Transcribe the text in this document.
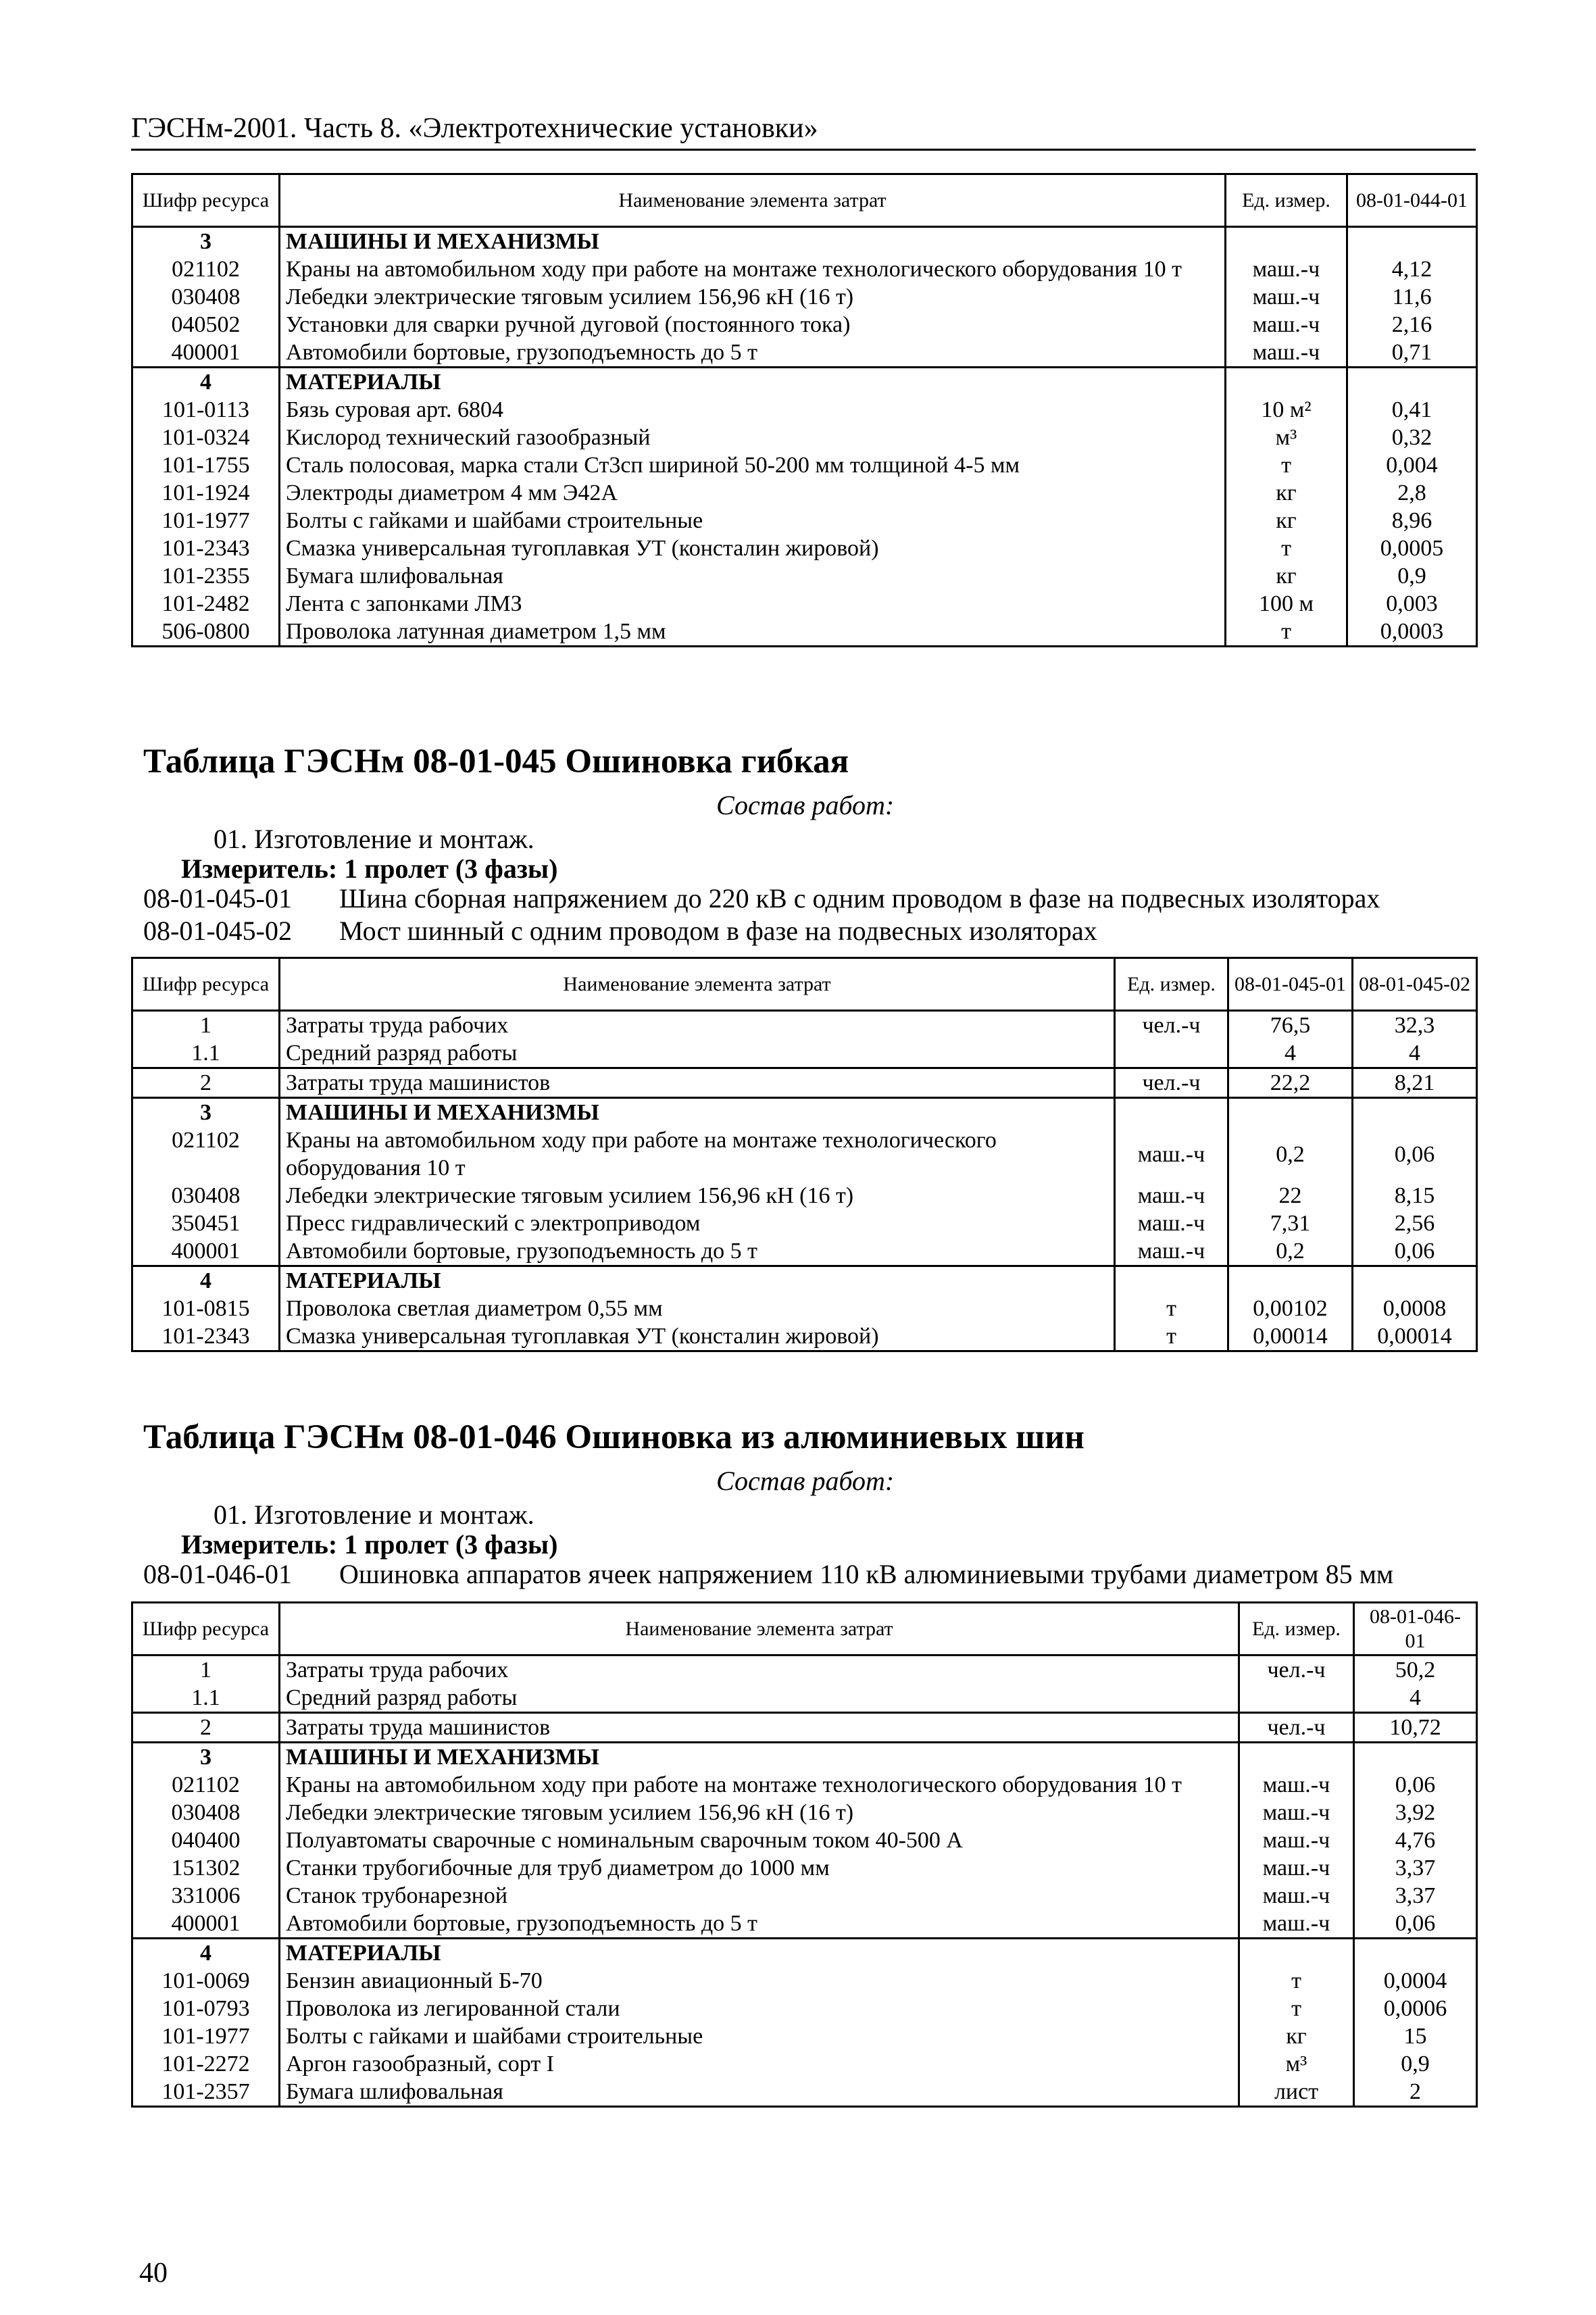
ГЭСНм-2001. Часть 8. «Электротехнические установки»
Шифр ресурса	Наименование элемента затрат	Ед. измер.	08-01-044-01
3	МАШИНЫ И МЕХАНИЗМЫ		
021102	Краны на автомобильном ходу при работе на монтаже технологического оборудования 10 т	маш.-ч	4,12
030408	Лебедки электрические тяговым усилием 156,96 кН (16 т)	маш.-ч	11,6
040502	Установки для сварки ручной дуговой (постоянного тока)	маш.-ч	2,16
400001	Автомобили бортовые, грузоподъемность до 5 т	маш.-ч	0,71
4	МАТЕРИАЛЫ		
101-0113	Бязь суровая арт. 6804	10 м²	0,41
101-0324	Кислород технический газообразный	м³	0,32
101-1755	Сталь полосовая, марка стали Ст3сп шириной 50-200 мм толщиной 4-5 мм	т	0,004
101-1924	Электроды диаметром 4 мм Э42А	кг	2,8
101-1977	Болты с гайками и шайбами строительные	кг	8,96
101-2343	Смазка универсальная тугоплавкая УТ (консталин жировой)	т	0,0005
101-2355	Бумага шлифовальная	кг	0,9
101-2482	Лента с запонками ЛМЗ	100 м	0,003
506-0800	Проволока латунная диаметром 1,5 мм	т	0,0003
Таблица ГЭСНм 08-01-045 Ошиновка гибкая
Состав работ:
01. Изготовление и монтаж.
Измеритель: 1 пролет (3 фазы)
08-01-045-01 Шина сборная напряжением до 220 кВ с одним проводом в фазе на подвесных изоляторах
08-01-045-02 Мост шинный с одним проводом в фазе на подвесных изоляторах
Шифр ресурса	Наименование элемента затрат	Ед. измер.	08-01-045-01	08-01-045-02
1	Затраты труда рабочих	чел.-ч	76,5	32,3
1.1	Средний разряд работы		4	4
2	Затраты труда машинистов	чел.-ч	22,2	8,21
3	МАШИНЫ И МЕХАНИЗМЫ			
021102	Краны на автомобильном ходу при работе на монтаже технологического оборудования 10 т	маш.-ч	0,2	0,06
030408	Лебедки электрические тяговым усилием 156,96 кН (16 т)	маш.-ч	22	8,15
350451	Пресс гидравлический с электроприводом	маш.-ч	7,31	2,56
400001	Автомобили бортовые, грузоподъемность до 5 т	маш.-ч	0,2	0,06
4	МАТЕРИАЛЫ			
101-0815	Проволока светлая диаметром 0,55 мм	т	0,00102	0,0008
101-2343	Смазка универсальная тугоплавкая УТ (консталин жировой)	т	0,00014	0,00014
Таблица ГЭСНм 08-01-046 Ошиновка из алюминиевых шин
Состав работ:
01. Изготовление и монтаж.
Измеритель: 1 пролет (3 фазы)
08-01-046-01 Ошиновка аппаратов ячеек напряжением 110 кВ алюминиевыми трубами диаметром 85 мм
Шифр ресурса	Наименование элемента затрат	Ед. измер.	08-01-046-01
1	Затраты труда рабочих	чел.-ч	50,2
1.1	Средний разряд работы		4
2	Затраты труда машинистов	чел.-ч	10,72
3	МАШИНЫ И МЕХАНИЗМЫ		
021102	Краны на автомобильном ходу при работе на монтаже технологического оборудования 10 т	маш.-ч	0,06
030408	Лебедки электрические тяговым усилием 156,96 кН (16 т)	маш.-ч	3,92
040400	Полуавтоматы сварочные с номинальным сварочным током 40-500 А	маш.-ч	4,76
151302	Станки трубогибочные для труб диаметром до 1000 мм	маш.-ч	3,37
331006	Станок трубонарезной	маш.-ч	3,37
400001	Автомобили бортовые, грузоподъемность до 5 т	маш.-ч	0,06
4	МАТЕРИАЛЫ		
101-0069	Бензин авиационный Б-70	т	0,0004
101-0793	Проволока из легированной стали	т	0,0006
101-1977	Болты с гайками и шайбами строительные	кг	15
101-2272	Аргон газообразный, сорт I	м³	0,9
101-2357	Бумага шлифовальная	лист	2
40
